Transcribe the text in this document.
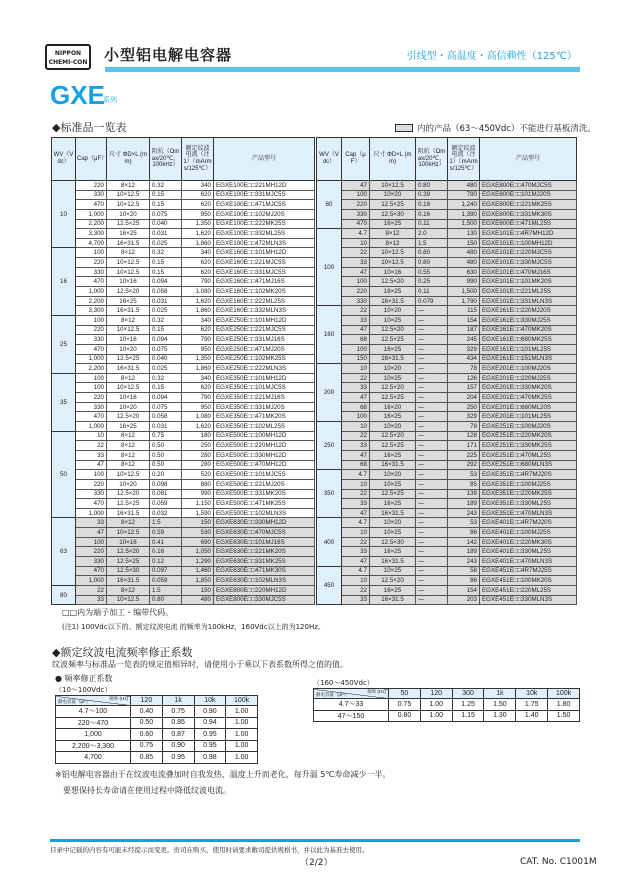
NIPPON
CHEMI-CON 小型铝电解电容器	引线型・高温度・高信赖性（125℃）
GXE
系列
◆标准品一览表	内的产品（63～450Vdc）不能进行基板清洗。
WV（Vdc）	Cap（μF）	尺寸 ΦD×L (mm)	阻抗（Ωmax/20℃、100kHz）	额定纹波电流（注1）（mArms/125℃）	产品型号
10	220	8×12	0.32	340	EGXE100E□□221MH12D
	330	10×12.5	0.15	620	EGXE100E□□331MJC5S
	470	10×12.5	0.15	620	EGXE100E□□471MJC5S
	1,000	10×20	0.075	950	EGXE100E□□102MJ20S
	2,200	12.5×25	0.040	1,350	EGXE100E□□222MK25S
	3,300	16×25	0.031	1,620	EGXE100E□□332ML25S
	4,700	16×31.5	0.025	1,860	EGXE100E□□472MLN3S
16	100	8×12	0.32	340	EGXE160E□□101MH12D
	220	10×12.5	0.15	620	EGXE160E□□221MJC5S
	330	10×12.5	0.15	620	EGXE160E□□331MJC5S
	470	10×16	0.094	790	EGXE160E□□471MJ16S
	1,000	12.5×20	0.058	1,080	EGXE160E□□102MK20S
	2,200	16×25	0.031	1,620	EGXE160E□□222ML25S
	3,300	16×31.5	0.025	1,860	EGXE160E□□332MLN3S
25	100	8×12	0.32	340	EGXE250E□□101MH12D
	220	10×12.5	0.15	620	EGXE250E□□221MJC5S
	330	10×16	0.094	790	EGXE250E□□331MJ16S
	470	10×20	0.075	950	EGXE250E□□471MJ20S
	1,000	12.5×25	0.040	1,350	EGXE250E□□102MK25S
	2,200	16×31.5	0.025	1,860	EGXE250E□□222MLN3S
35	100	8×12	0.32	340	EGXE350E□□101MH12D
	100	10×12.5	0.15	620	EGXE350E□□101MJC5S
	220	10×16	0.094	790	EGXE350E□□221MJ16S
	330	10×20	0.075	950	EGXE350E□□331MJ20S
	470	12.5×20	0.058	1,080	EGXE350E□□471MK20S
	1,000	16×25	0.031	1,620	EGXE350E□□102ML25S
50	10	8×12	0.75	180	EGXE500E□□100MH12D
	22	8×12	0.50	250	EGXE500E□□220MH12D
	33	8×12	0.50	280	EGXE500E□□330MH12D
	47	8×12	0.50	280	EGXE500E□□470MH12D
	100	10×12.5	0.20	520	EGXE500E□□101MJC5S
	220	10×20	0.098	880	EGXE500E□□221MJ20S
	330	12.5×20	0.081	990	EGXE500E□□331MK20S
	470	12.5×25	0.059	1,150	EGXE500E□□471MK25S
	1,000	16×31.5	0.032	1,590	EGXE500E□□102MLN3S
63	33	8×12	1.5	150	EGXE630E□□330MH12D
	47	10×12.5	0.59	530	EGXE630E□□470MJC5S
	100	10×16	0.41	690	EGXE630E□□101MJ16S
	220	12.5×20	0.16	1,050	EGXE630E□□221MK20S
	330	12.5×25	0.12	1,290	EGXE630E□□331MK25S
	470	12.5×30	0.097	1,460	EGXE630E□□471MK30S
	1,000	16×31.5	0.059	1,850	EGXE630E□□102MLN3S
80	22	8×12	1.5	150	EGXE800E□□220MH12D
	33	10×12.5	0.80	480	EGXE800E□□330MJC5S
WV（Vdc）	Cap（μF）	尺寸 ΦD×L (mm)	阻抗（Ωmax/20℃、100kHz）	额定纹波电流（注1）（mArms/125℃）	产品型号
80	47	10×12.5	0.80	480	EGXE800E□□470MJC5S
	100	10×20	0.39	790	EGXE800E□□101MJ20S
	220	12.5×25	0.18	1,240	EGXE800E□□221MK25S
	330	12.5×30	0.16	1,390	EGXE800E□□331MK30S
	470	16×25	0.11	1,500	EGXE800E□□471ML25S
100	4.7	8×12	2.0	130	EGXE101E□□4R7MH12D
	10	8×12	1.5	150	EGXE101E□□100MH12D
	22	10×12.5	0.80	480	EGXE101E□□220MJC5S
	33	10×12.5	0.80	480	EGXE101E□□330MJC5S
	47	10×16	0.55	630	EGXE101E□□470MJ16S
	100	12.5×20	0.25	990	EGXE101E□□101MK20S
	220	16×25	0.11	1,500	EGXE101E□□221ML25S
	330	16×31.5	0.079	1,790	EGXE101E□□331MLN3S
160	22	10×20	—	115	EGXE161E□□220MJ20S
	33	10×25	—	154	EGXE161E□□330MJ25S
	47	12.5×20	—	187	EGXE161E□□470MK20S
	68	12.5×25	—	245	EGXE161E□□680MK25S
	100	16×25	—	329	EGXE161E□□101ML25S
	150	16×31.5	—	434	EGXE161E□□151MLN3S
200	10	10×20	—	78	EGXE201E□□100MJ20S
	22	10×25	—	126	EGXE201E□□220MJ25S
	33	12.5×20	—	157	EGXE201E□□330MK20S
	47	12.5×25	—	204	EGXE201E□□470MK25S
	68	16×20	—	250	EGXE201E□□680ML20S
	100	16×25	—	329	EGXE201E□□101ML25S
250	10	10×20	—	78	EGXE251E□□100MJ20S
	22	12.5×20	—	128	EGXE251E□□220MK20S
	33	12.5×25	—	171	EGXE251E□□330MK25S
	47	16×25	—	225	EGXE251E□□470ML25S
	68	16×31.5	—	292	EGXE251E□□680MLN3S
350	4.7	10×20	—	53	EGXE351E□□4R7MJ20S
	10	10×25	—	85	EGXE351E□□100MJ25S
	22	12.5×25	—	139	EGXE351E□□220MK25S
	33	16×25	—	189	EGXE351E□□330ML25S
	47	16×31.5	—	243	EGXE351E□□470MLN3S
400	4.7	10×20	—	53	EGXE401E□□4R7MJ20S
	10	10×25	—	86	EGXE401E□□100MJ25S
	22	12.5×30	—	142	EGXE401E□□220MK30S
	33	16×25	—	189	EGXE401E□□330ML25S
	47	16×31.5	—	243	EGXE401E□□470MLN3S
450	4.7	10×25	—	58	EGXE451E□□4R7MJ25S
	10	12.5×20	—	86	EGXE451E□□100MK20S
	22	16×25	—	154	EGXE451E□□220ML25S
	33	16×31.5	—	203	EGXE451E□□330MLN3S
□□内为端子加工・编带代码。
(注1) 100Vdc以下的、额定纹波电流 的频率为100kHz，160Vdc以上的为120Hz。
◆额定纹波电流频率修正系数
纹波频率与标准品一览表的规定值相异时，请使用小于乘以下表系数所得之值的值。
● 频率修正系数
（10～100Vdc）
（160～450Vdc）
频率 (Hz)
静电容量（μF）	120	1k	10k	100k
4.7～100	0.40	0.75	0.90	1.00
220～470	0.50	0.85	0.94	1.00
1,000	0.60	0.87	0.95	1.00
2,200～3,300	0.75	0.90	0.95	1.00
4,700	0.85	0.95	0.98	1.00
频率 (Hz)
静电容量（μF）	50	120	300	1k	10k	100k
4.7～33	0.75	1.00	1.25	1.50	1.75	1.80
47～150	0.80	1.00	1.15	1.30	1.40	1.50
※铝电解电容器由于在纹波电流叠加时自我发热、温度上升而老化，每升温 5℃寿命减少一半。
要想保持长寿命请在使用过程中降低纹波电流。
目录中记载的内容有可能未经提示而变更。贵司在购买、使用时请要求敝司提供规格书，并以此为基准去使用。
（2/2）	CAT. No. C1001M
